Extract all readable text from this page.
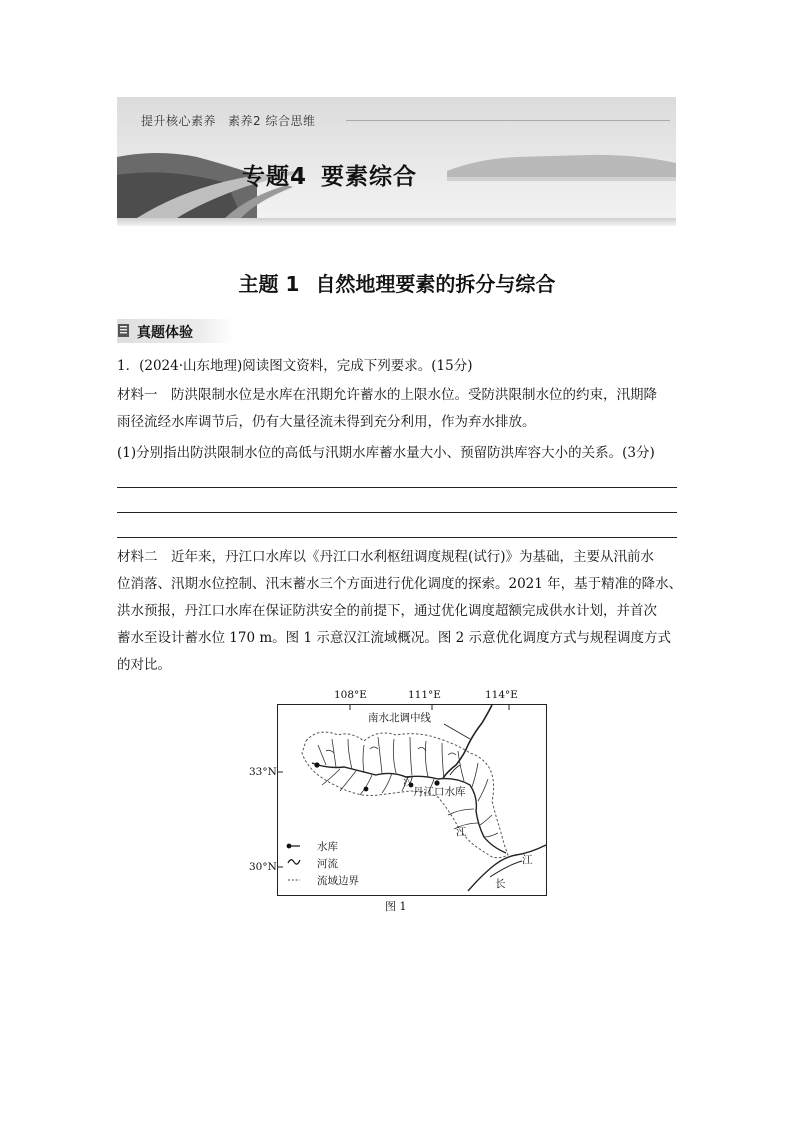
提升核心素养 素养2 综合思维
专题4 要素综合
主题 1 自然地理要素的拆分与综合
真题体验
1．(2024·山东地理)阅读图文资料，完成下列要求。(15分)
材料一　防洪限制水位是水库在汛期允许蓄水的上限水位。受防洪限制水位的约束，汛期降
雨径流经水库调节后，仍有大量径流未得到充分利用，作为弃水排放。
(1)分别指出防洪限制水位的高低与汛期水库蓄水量大小、预留防洪库容大小的关系。(3分)
材料二　近年来，丹江口水库以《丹江口水利枢纽调度规程(试行)》为基础，主要从汛前水
位消落、汛期水位控制、汛末蓄水三个方面进行优化调度的探索。2021 年，基于精准的降水、
洪水预报，丹江口水库在保证防洪安全的前提下，通过优化调度超额完成供水计划，并首次
蓄水至设计蓄水位 170 m。图 1 示意汉江流域概况。图 2 示意优化调度方式与规程调度方式
的对比。
108°E	111°E	114°E
33°N
30°N
南水北调中线
丹江口水库
汉
江
江
长
水库
河流
流域边界
图 1
